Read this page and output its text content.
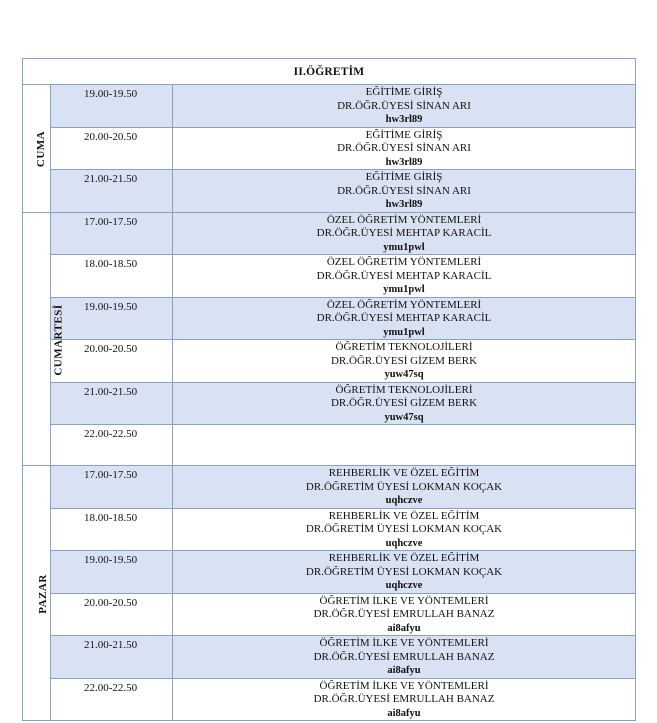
II.ÖĞRETİM		
CUMA	19.00-19.50	EĞİTİME GİRİŞ
DR.ÖĞR.ÜYESİ SİNAN ARI
hw3rl89

	20.00-20.50	EĞİTİME GİRİŞ
DR.ÖĞR.ÜYESİ SİNAN ARI
hw3rl89

	21.00-21.50	EĞİTİME GİRİŞ
DR.ÖĞR.ÜYESİ SİNAN ARI
hw3rl89

CUMARTESİ	17.00-17.50	ÖZEL ÖĞRETİM YÖNTEMLERİ
DR.ÖĞR.ÜYESİ MEHTAP KARACİL
ymu1pwl

	18.00-18.50	ÖZEL ÖĞRETİM YÖNTEMLERİ
DR.ÖĞR.ÜYESİ MEHTAP KARACİL
ymu1pwl

	19.00-19.50	ÖZEL ÖĞRETİM YÖNTEMLERİ
DR.ÖĞR.ÜYESİ MEHTAP KARACİL
ymu1pwl

	20.00-20.50	ÖĞRETİM TEKNOLOJİLERİ
DR.ÖĞR.ÜYESİ GİZEM BERK
yuw47sq

	21.00-21.50	ÖĞRETİM TEKNOLOJİLERİ
DR.ÖĞR.ÜYESİ GİZEM BERK
yuw47sq

	22.00-22.50	

PAZAR	17.00-17.50	REHBERLİK VE ÖZEL EĞİTİM
DR.ÖĞRETİM ÜYESİ LOKMAN KOÇAK
uqhczve

	18.00-18.50	REHBERLİK VE ÖZEL EĞİTİM
DR.ÖĞRETİM ÜYESİ LOKMAN KOÇAK
uqhczve

	19.00-19.50	REHBERLİK VE ÖZEL EĞİTİM
DR.ÖĞRETİM ÜYESİ LOKMAN KOÇAK
uqhczve

	20.00-20.50	ÖĞRETİM İLKE VE YÖNTEMLERİ
DR.ÖĞR.ÜYESİ EMRULLAH BANAZ
ai8afyu

	21.00-21.50	ÖĞRETİM İLKE VE YÖNTEMLERİ
DR.ÖĞR.ÜYESİ EMRULLAH BANAZ
ai8afyu

	22.00-22.50	ÖĞRETİM İLKE VE YÖNTEMLERİ
DR.ÖĞR.ÜYESİ EMRULLAH BANAZ
ai8afyu
